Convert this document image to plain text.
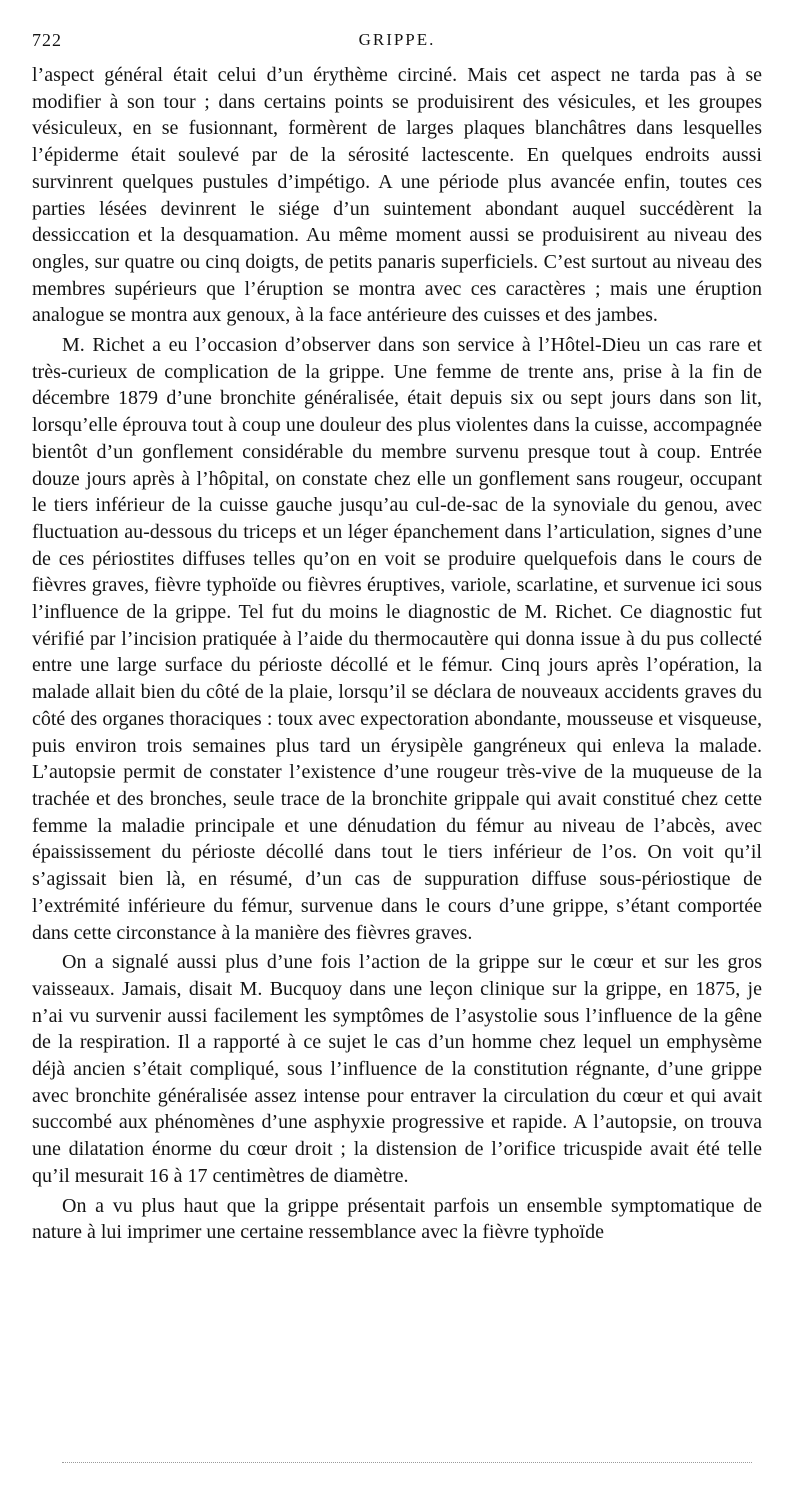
722	GRIPPE.

l’aspect général était celui d’un érythème circiné. Mais cet aspect ne tarda pas à se modifier à son tour ; dans certains points se produisirent des vésicules, et les groupes vésiculeux, en se fusionnant, formèrent de larges plaques blanchâtres dans lesquelles l’épiderme était soulevé par de la sérosité lactescente. En quelques endroits aussi survinrent quelques pustules d’impétigo. A une période plus avancée enfin, toutes ces parties lésées devinrent le siége d’un suintement abondant auquel succédèrent la dessiccation et la desquamation. Au même moment aussi se produisirent au niveau des ongles, sur quatre ou cinq doigts, de petits panaris superficiels. C’est surtout au niveau des membres supérieurs que l’éruption se montra avec ces caractères ; mais une éruption analogue se montra aux genoux, à la face antérieure des cuisses et des jambes.

M. Richet a eu l’occasion d’observer dans son service à l’Hôtel-Dieu un cas rare et très-curieux de complication de la grippe. Une femme de trente ans, prise à la fin de décembre 1879 d’une bronchite généralisée, était depuis six ou sept jours dans son lit, lorsqu’elle éprouva tout à coup une douleur des plus violentes dans la cuisse, accompagnée bientôt d’un gonflement considérable du membre survenu presque tout à coup. Entrée douze jours après à l’hôpital, on constate chez elle un gonflement sans rougeur, occupant le tiers inférieur de la cuisse gauche jusqu’au cul-de-sac de la synoviale du genou, avec fluctuation au-dessous du triceps et un léger épanchement dans l’articulation, signes d’une de ces périostites diffuses telles qu’on en voit se produire quelquefois dans le cours de fièvres graves, fièvre typhoïde ou fièvres éruptives, variole, scarlatine, et survenue ici sous l’influence de la grippe. Tel fut du moins le diagnostic de M. Richet. Ce diagnostic fut vérifié par l’incision pratiquée à l’aide du thermocautère qui donna issue à du pus collecté entre une large surface du périoste décollé et le fémur. Cinq jours après l’opération, la malade allait bien du côté de la plaie, lorsqu’il se déclara de nouveaux accidents graves du côté des organes thoraciques : toux avec expectoration abondante, mousseuse et visqueuse, puis environ trois semaines plus tard un érysipèle gangréneux qui enleva la malade. L’autopsie permit de constater l’existence d’une rougeur très-vive de la muqueuse de la trachée et des bronches, seule trace de la bronchite grippale qui avait constitué chez cette femme la maladie principale et une dénudation du fémur au niveau de l’abcès, avec épaississement du périoste décollé dans tout le tiers inférieur de l’os. On voit qu’il s’agissait bien là, en résumé, d’un cas de suppuration diffuse sous-périostique de l’extrémité inférieure du fémur, survenue dans le cours d’une grippe, s’étant comportée dans cette circonstance à la manière des fièvres graves.

On a signalé aussi plus d’une fois l’action de la grippe sur le cœur et sur les gros vaisseaux. Jamais, disait M. Bucquoy dans une leçon clinique sur la grippe, en 1875, je n’ai vu survenir aussi facilement les symptômes de l’asystolie sous l’influence de la gêne de la respiration. Il a rapporté à ce sujet le cas d’un homme chez lequel un emphysème déjà ancien s’était compliqué, sous l’influence de la constitution régnante, d’une grippe avec bronchite généralisée assez intense pour entraver la circulation du cœur et qui avait succombé aux phénomènes d’une asphyxie progressive et rapide. A l’autopsie, on trouva une dilatation énorme du cœur droit ; la distension de l’orifice tricuspide avait été telle qu’il mesurait 16 à 17 centimètres de diamètre.

On a vu plus haut que la grippe présentait parfois un ensemble symptomatique de nature à lui imprimer une certaine ressemblance avec la fièvre typhoïde
